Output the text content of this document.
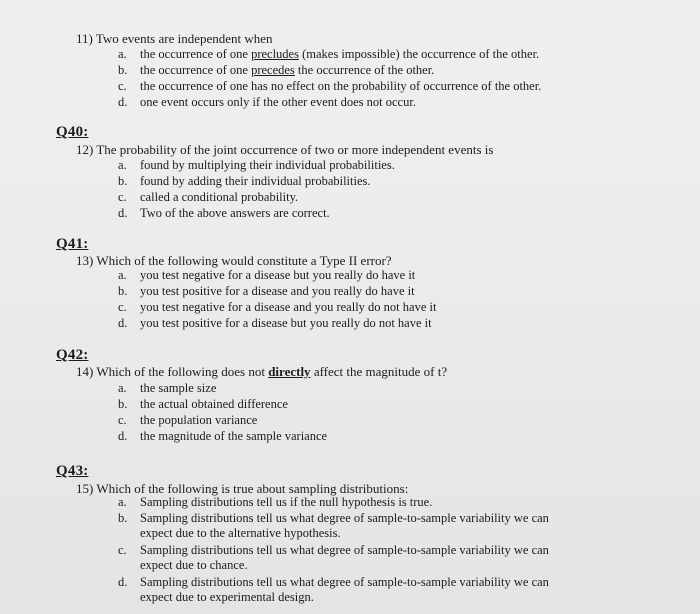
11) Two events are independent when
a. the occurrence of one precludes (makes impossible) the occurrence of the other.
b. the occurrence of one precedes the occurrence of the other.
c. the occurrence of one has no effect on the probability of occurrence of the other.
d. one event occurs only if the other event does not occur.
Q40:
12) The probability of the joint occurrence of two or more independent events is
a. found by multiplying their individual probabilities.
b. found by adding their individual probabilities.
c. called a conditional probability.
d. Two of the above answers are correct.
Q41:
13) Which of the following would constitute a Type II error?
a. you test negative for a disease but you really do have it
b. you test positive for a disease and you really do have it
c. you test negative for a disease and you really do not have it
d. you test positive for a disease but you really do not have it
Q42:
14) Which of the following does not directly affect the magnitude of t?
a. the sample size
b. the actual obtained difference
c. the population variance
d. the magnitude of the sample variance
Q43:
15) Which of the following is true about sampling distributions:
a. Sampling distributions tell us if the null hypothesis is true.
b. Sampling distributions tell us what degree of sample-to-sample variability we can
expect due to the alternative hypothesis.
c. Sampling distributions tell us what degree of sample-to-sample variability we can
expect due to chance.
d. Sampling distributions tell us what degree of sample-to-sample variability we can
expect due to experimental design.
